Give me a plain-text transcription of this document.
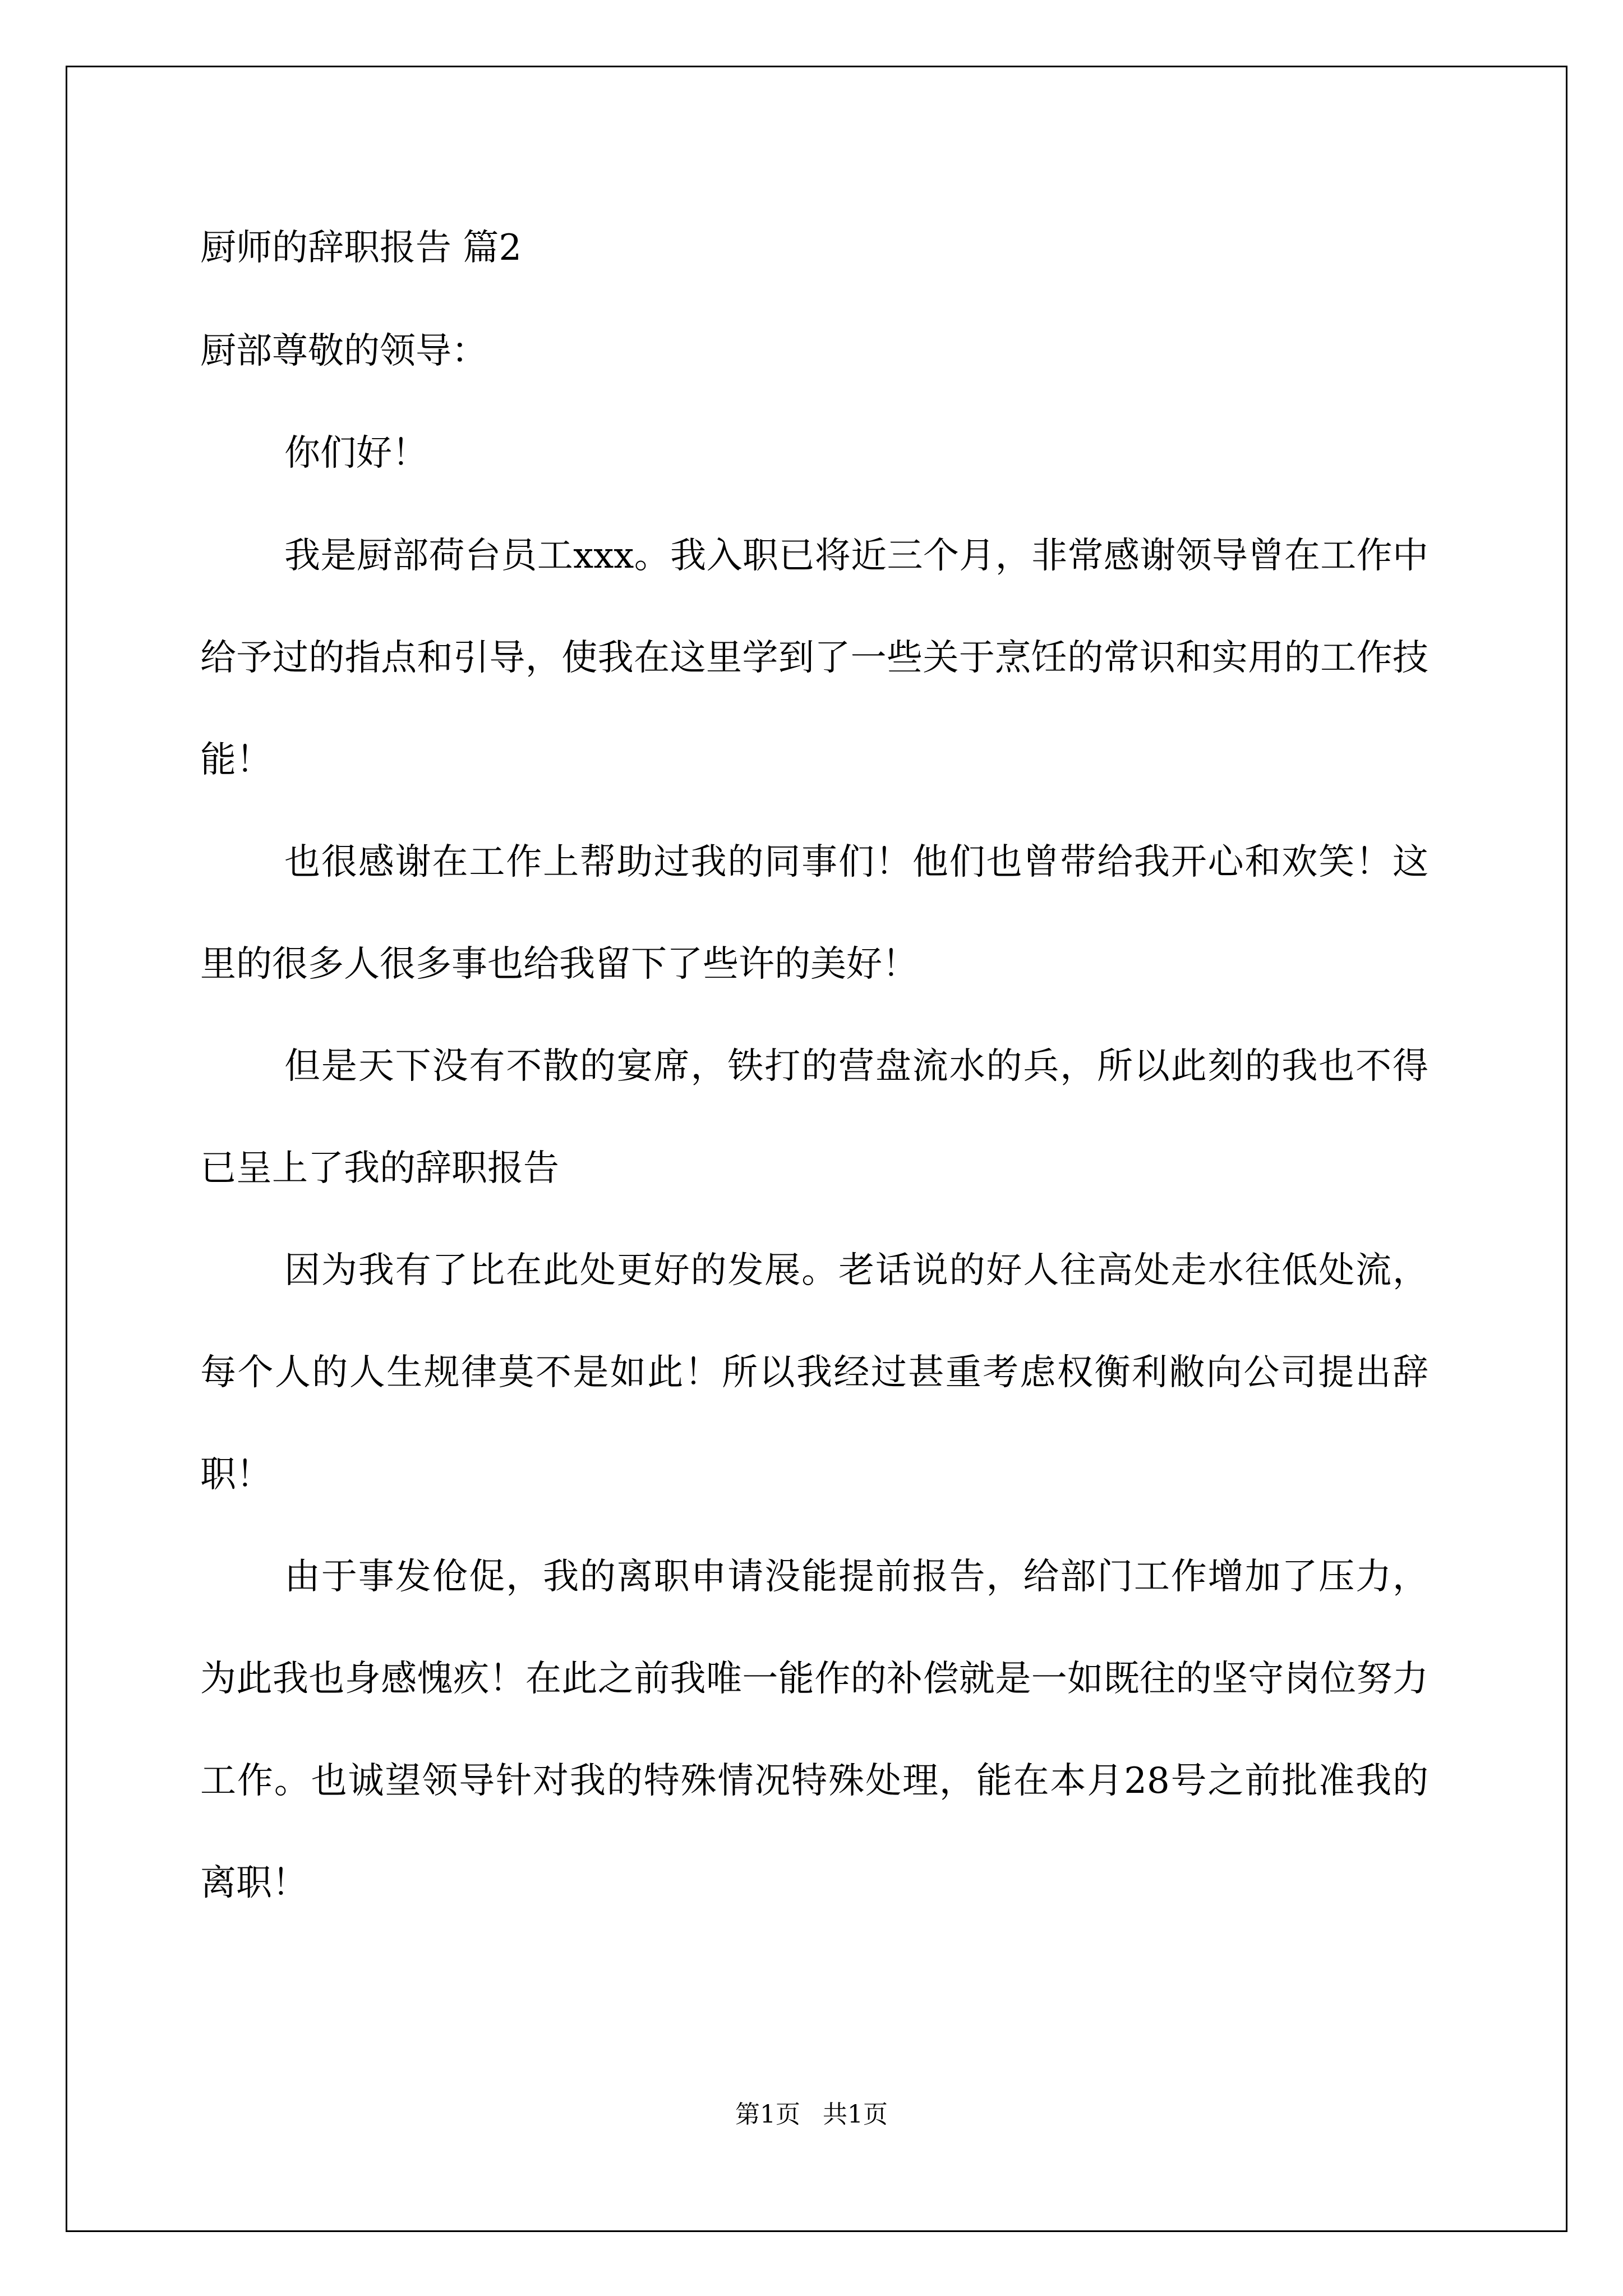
厨师的辞职报告 篇2
厨部尊敬的领导：
你们好！

我是厨部荷台员工xxx。我入职已将近三个月，非常感谢领导曾在工作中给予过的指点和引导，使我在这里学到了一些关于烹饪的常识和实用的工作技能！

也很感谢在工作上帮助过我的同事们！他们也曾带给我开心和欢笑！这里的很多人很多事也给我留下了些许的美好！

但是天下没有不散的宴席，铁打的营盘流水的兵，所以此刻的我也不得已呈上了我的辞职报告

因为我有了比在此处更好的发展。老话说的好人往高处走水往低处流，每个人的人生规律莫不是如此！所以我经过甚重考虑权衡利敝向公司提出辞职！

由于事发伧促，我的离职申请没能提前报告，给部门工作增加了压力，为此我也身感愧疚！在此之前我唯一能作的补偿就是一如既往的坚守岗位努力工作。也诚望领导针对我的特殊情况特殊处理，能在本月28号之前批准我的离职！

第1页 共1页
